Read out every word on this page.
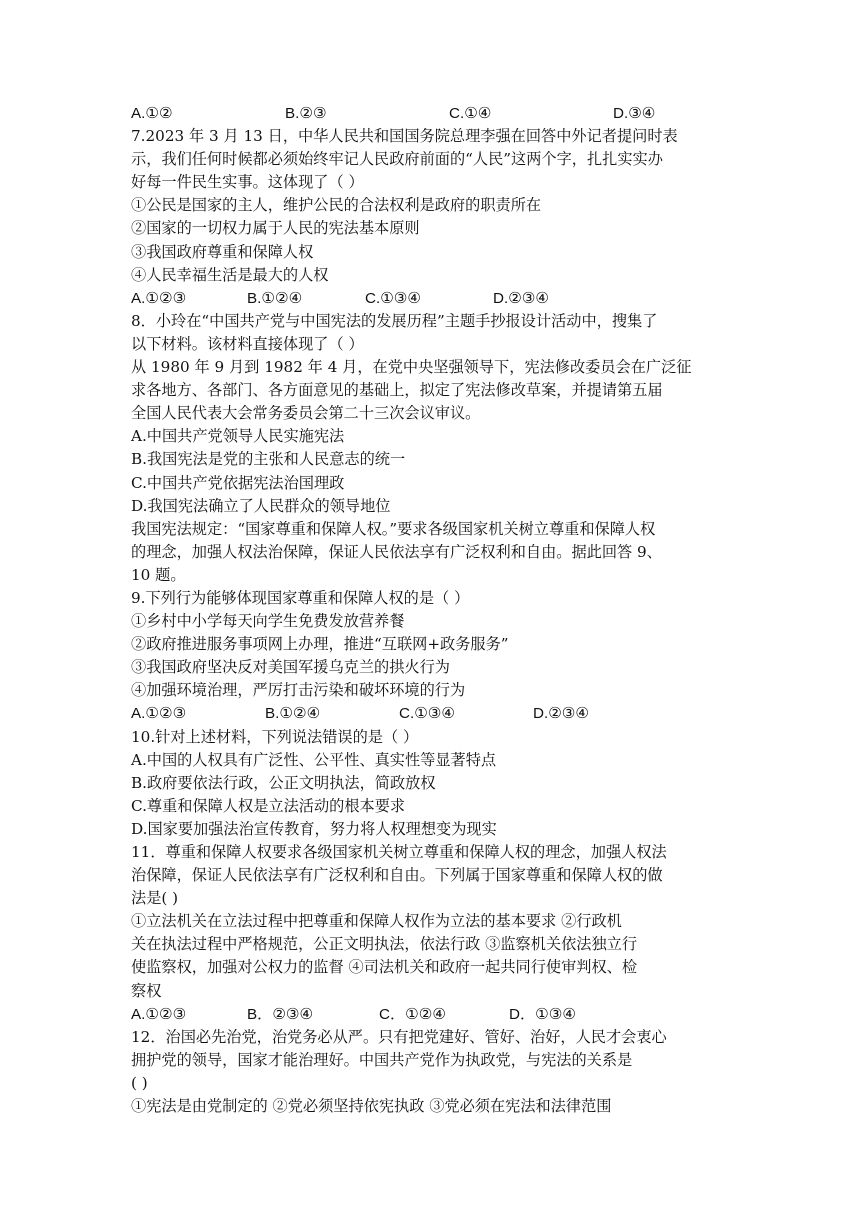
A.①②	B.②③	C.①④	D.③④
7.2023 年 3 月 13 日，中华人民共和国国务院总理李强在回答中外记者提问时表
示，我们任何时候都必须始终牢记人民政府前面的“人民”这两个字，扎扎实实办
好每一件民生实事。这体现了（ ）
①公民是国家的主人，维护公民的合法权利是政府的职责所在
②国家的一切权力属于人民的宪法基本原则
③我国政府尊重和保障人权
④人民幸福生活是最大的人权
A.①②③	B.①②④	C.①③④	D.②③④
8．小玲在“中国共产党与中国宪法的发展历程”主题手抄报设计活动中，搜集了
以下材料。该材料直接体现了（ ）
从 1980 年 9 月到 1982 年 4 月，在党中央坚强领导下，宪法修改委员会在广泛征
求各地方、各部门、各方面意见的基础上，拟定了宪法修改草案，并提请第五届
全国人民代表大会常务委员会第二十三次会议审议。
A.中国共产党领导人民实施宪法
B.我国宪法是党的主张和人民意志的统一
C.中国共产党依据宪法治国理政
D.我国宪法确立了人民群众的领导地位
我国宪法规定：“国家尊重和保障人权。”要求各级国家机关树立尊重和保障人权
的理念，加强人权法治保障，保证人民依法享有广泛权利和自由。据此回答 9、
10 题。
9.下列行为能够体现国家尊重和保障人权的是（ ）
①乡村中小学每天向学生免费发放营养餐
②政府推进服务事项网上办理，推进“互联网+政务服务”
③我国政府坚决反对美国军援乌克兰的拱火行为
④加强环境治理，严厉打击污染和破坏环境的行为
A.①②③	B.①②④	C.①③④	D.②③④
10.针对上述材料，下列说法错误的是（ ）
A.中国的人权具有广泛性、公平性、真实性等显著特点
B.政府要依法行政，公正文明执法，简政放权
C.尊重和保障人权是立法活动的根本要求
D.国家要加强法治宣传教育，努力将人权理想变为现实
11．尊重和保障人权要求各级国家机关树立尊重和保障人权的理念，加强人权法
治保障，保证人民依法享有广泛权利和自由。下列属于国家尊重和保障人权的做
法是( )
①立法机关在立法过程中把尊重和保障人权作为立法的基本要求 ②行政机
关在执法过程中严格规范，公正文明执法，依法行政 ③监察机关依法独立行
使监察权，加强对公权力的监督 ④司法机关和政府一起共同行使审判权、检
察权
A.①②③	B．②③④	C．①②④	D．①③④
12．治国必先治党，治党务必从严。只有把党建好、管好、治好，人民才会衷心
拥护党的领导，国家才能治理好。中国共产党作为执政党，与宪法的关系是
( )
①宪法是由党制定的 ②党必须坚持依宪执政 ③党必须在宪法和法律范围
